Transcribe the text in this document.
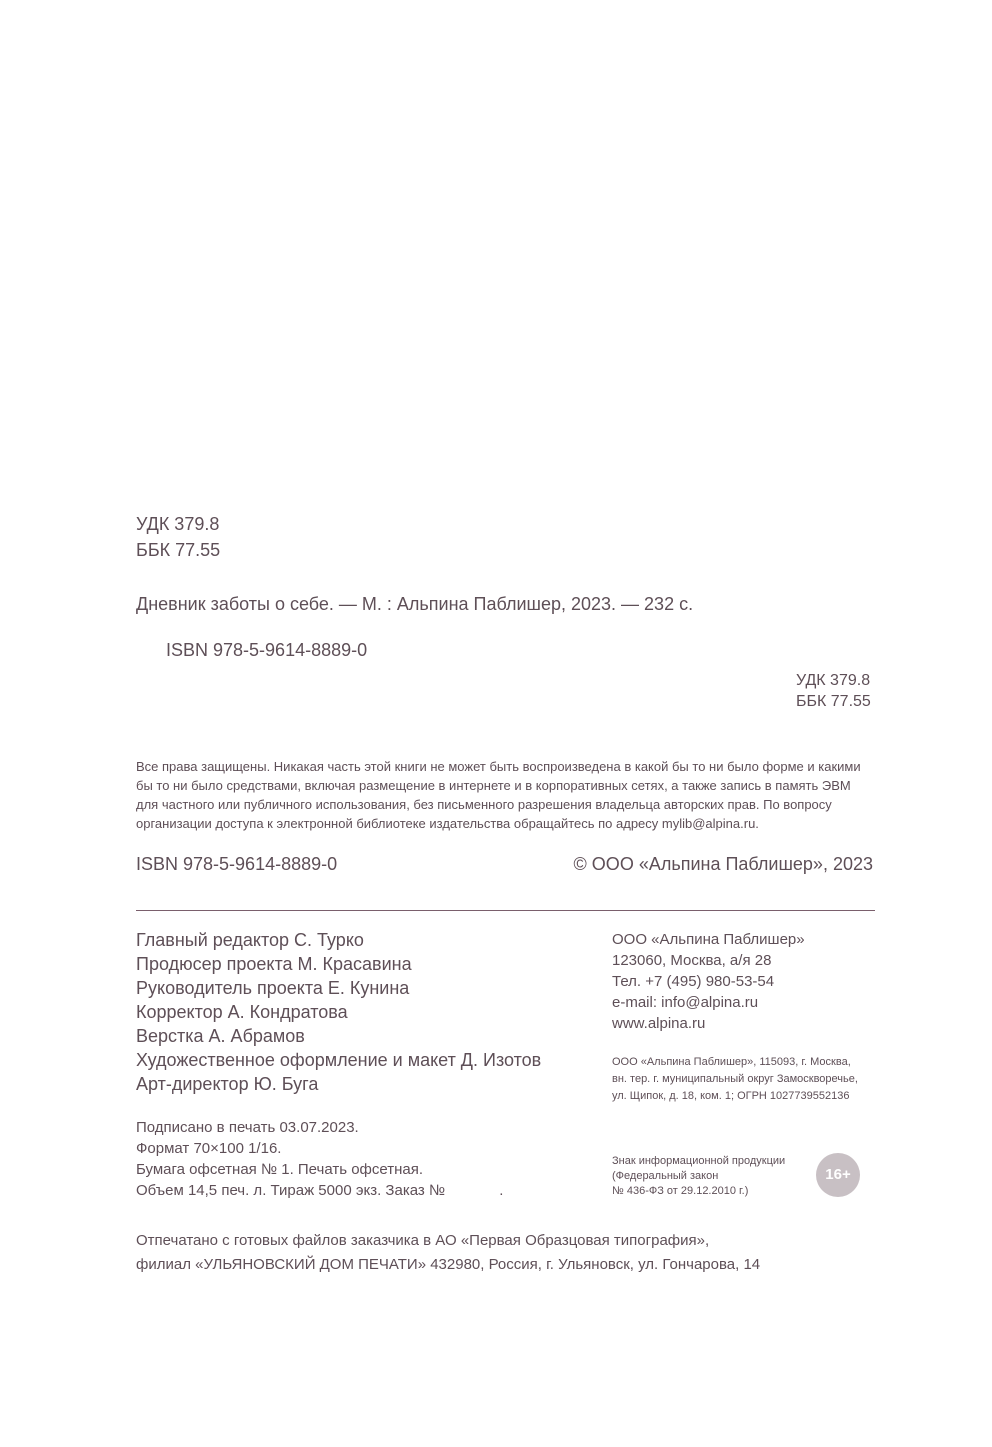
УДК 379.8
ББК 77.55
Дневник заботы о себе. — М. : Альпина Паблишер, 2023. — 232 с.
ISBN 978-5-9614-8889-0
УДК 379.8
ББК 77.55
Все права защищены. Никакая часть этой книги не может быть воспроизведена в какой бы то ни было форме и какими
бы то ни было средствами, включая размещение в интернете и в корпоративных сетях, а также запись в память ЭВМ
для частного или публичного использования, без письменного разрешения владельца авторских прав. По вопросу
организации доступа к электронной библиотеке издательства обращайтесь по адресу mylib@alpina.ru.
ISBN 978-5-9614-8889-0	© ООО «Альпина Паблишер», 2023
Главный редактор С. Турко
Продюсер проекта М. Красавина
Руководитель проекта Е. Кунина
Корректор А. Кондратова
Верстка А. Абрамов
Художественное оформление и макет Д. Изотов
Арт-директор Ю. Буга
ООО «Альпина Паблишер»
123060, Москва, а/я 28
Тел. +7 (495) 980-53-54
e-mail: info@alpina.ru
www.alpina.ru
ООО «Альпина Паблишер», 115093, г. Москва,
вн. тер. г. муниципальный округ Замоскворечье,
ул. Щипок, д. 18, ком. 1; ОГРН 1027739552136
Подписано в печать 03.07.2023.
Формат 70×100 1/16.
Бумага офсетная № 1. Печать офсетная.
Объем 14,5 печ. л. Тираж 5000 экз. Заказ №             .
Знак информационной продукции
(Федеральный закон
№ 436-ФЗ от 29.12.2010 г.)
16+
Отпечатано с готовых файлов заказчика в АО «Первая Образцовая типография»,
филиал «УЛЬЯНОВСКИЙ ДОМ ПЕЧАТИ» 432980, Россия, г. Ульяновск, ул. Гончарова, 14
